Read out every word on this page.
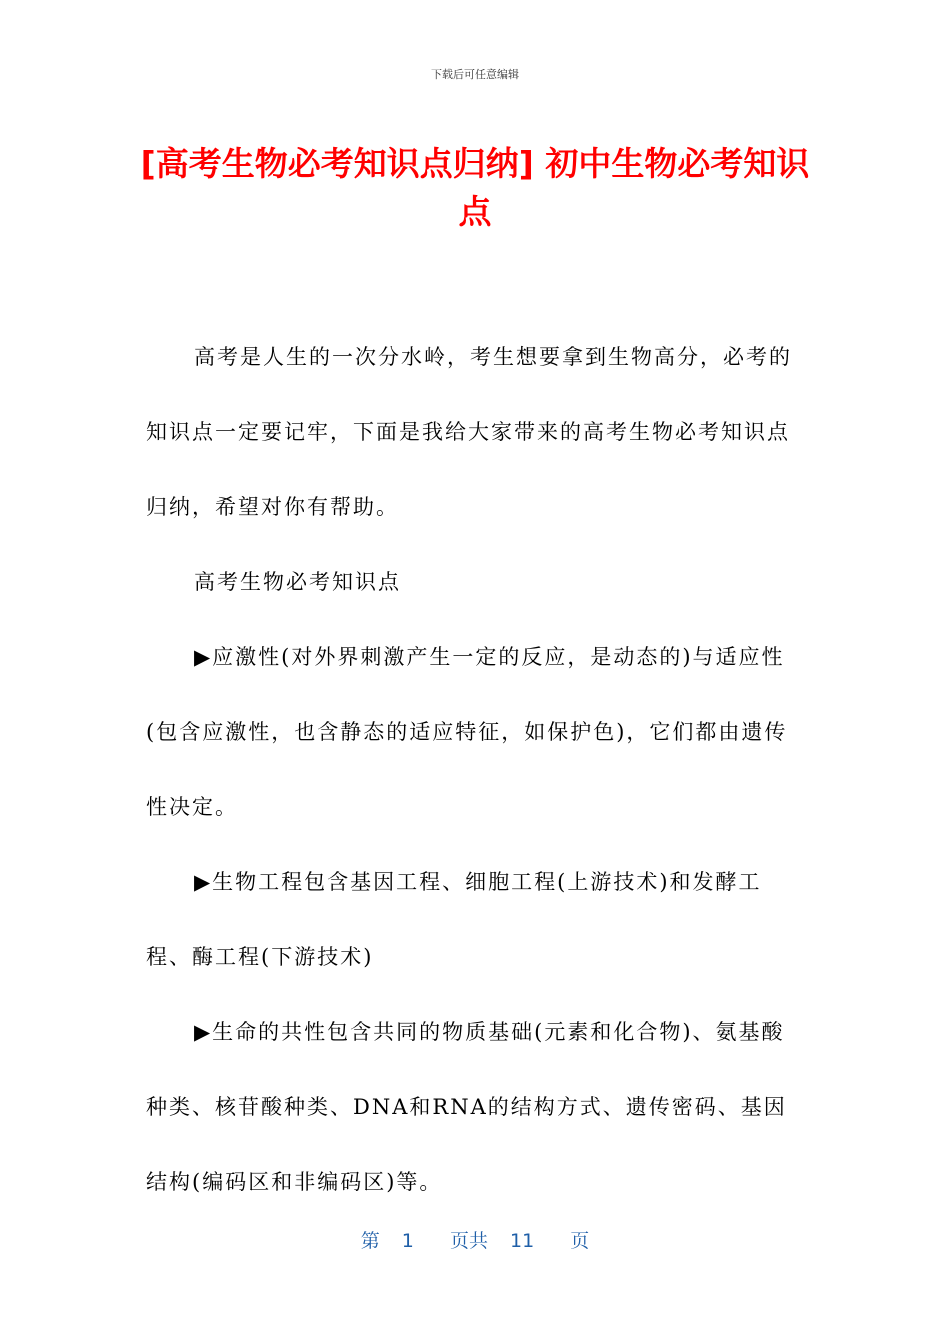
下载后可任意编辑
[高考生物必考知识点归纳] 初中生物必考知识点

高考是人生的一次分水岭，考生想要拿到生物高分，必考的知识点一定要记牢，下面是我给大家带来的高考生物必考知识点归纳，希望对你有帮助。

高考生物必考知识点

▶应激性(对外界刺激产生一定的反应，是动态的)与适应性(包含应激性，也含静态的适应特征，如保护色)，它们都由遗传性决定。

▶生物工程包含基因工程、细胞工程(上游技术)和发酵工程、酶工程(下游技术)

▶生命的共性包含共同的物质基础(元素和化合物)、氨基酸种类、核苷酸种类、DNA和RNA的结构方式、遗传密码、基因结构(编码区和非编码区)等。

第 1 页共 11 页
